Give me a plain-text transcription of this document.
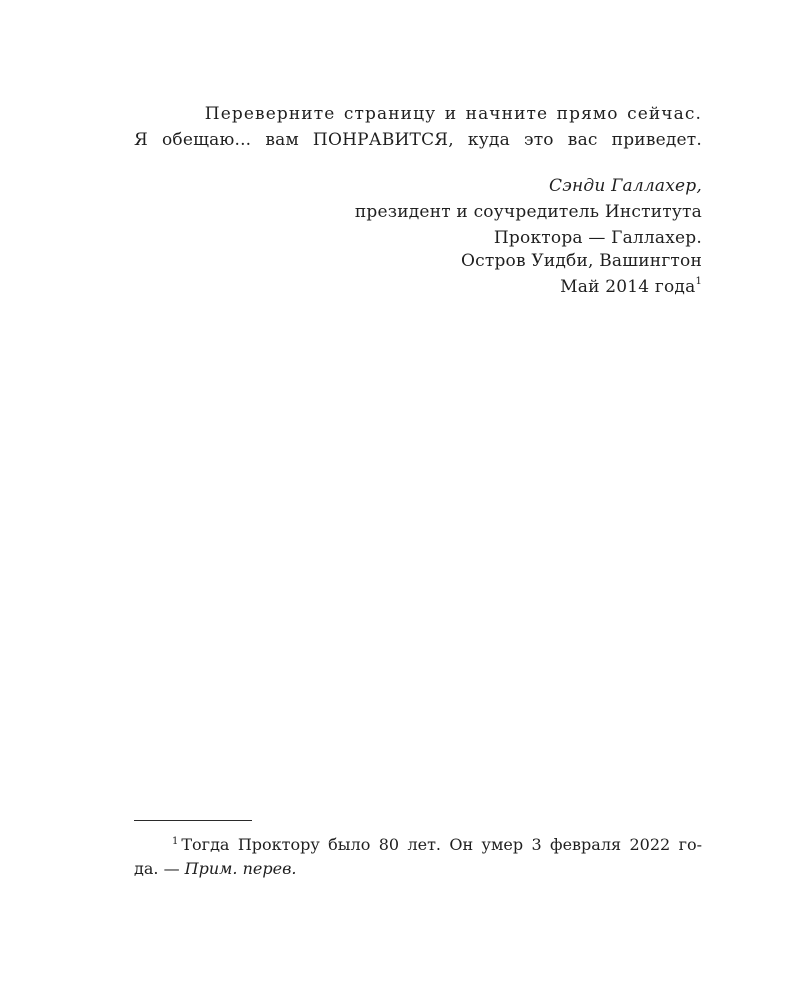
Переверните страницу и начните прямо сейчас.
Я обещаю... вам ПОНРАВИТСЯ, куда это вас приведет.
Сэнди Галлахер,
президент и соучредитель Института
Проктора — Галлахер.
Остров Уидби, Вашингтон
Май 2014 года$^1$
$^1$ Тогда Проктору было 80 лет. Он умер 3 февраля 2022 го-
да. — Прим. перев.
